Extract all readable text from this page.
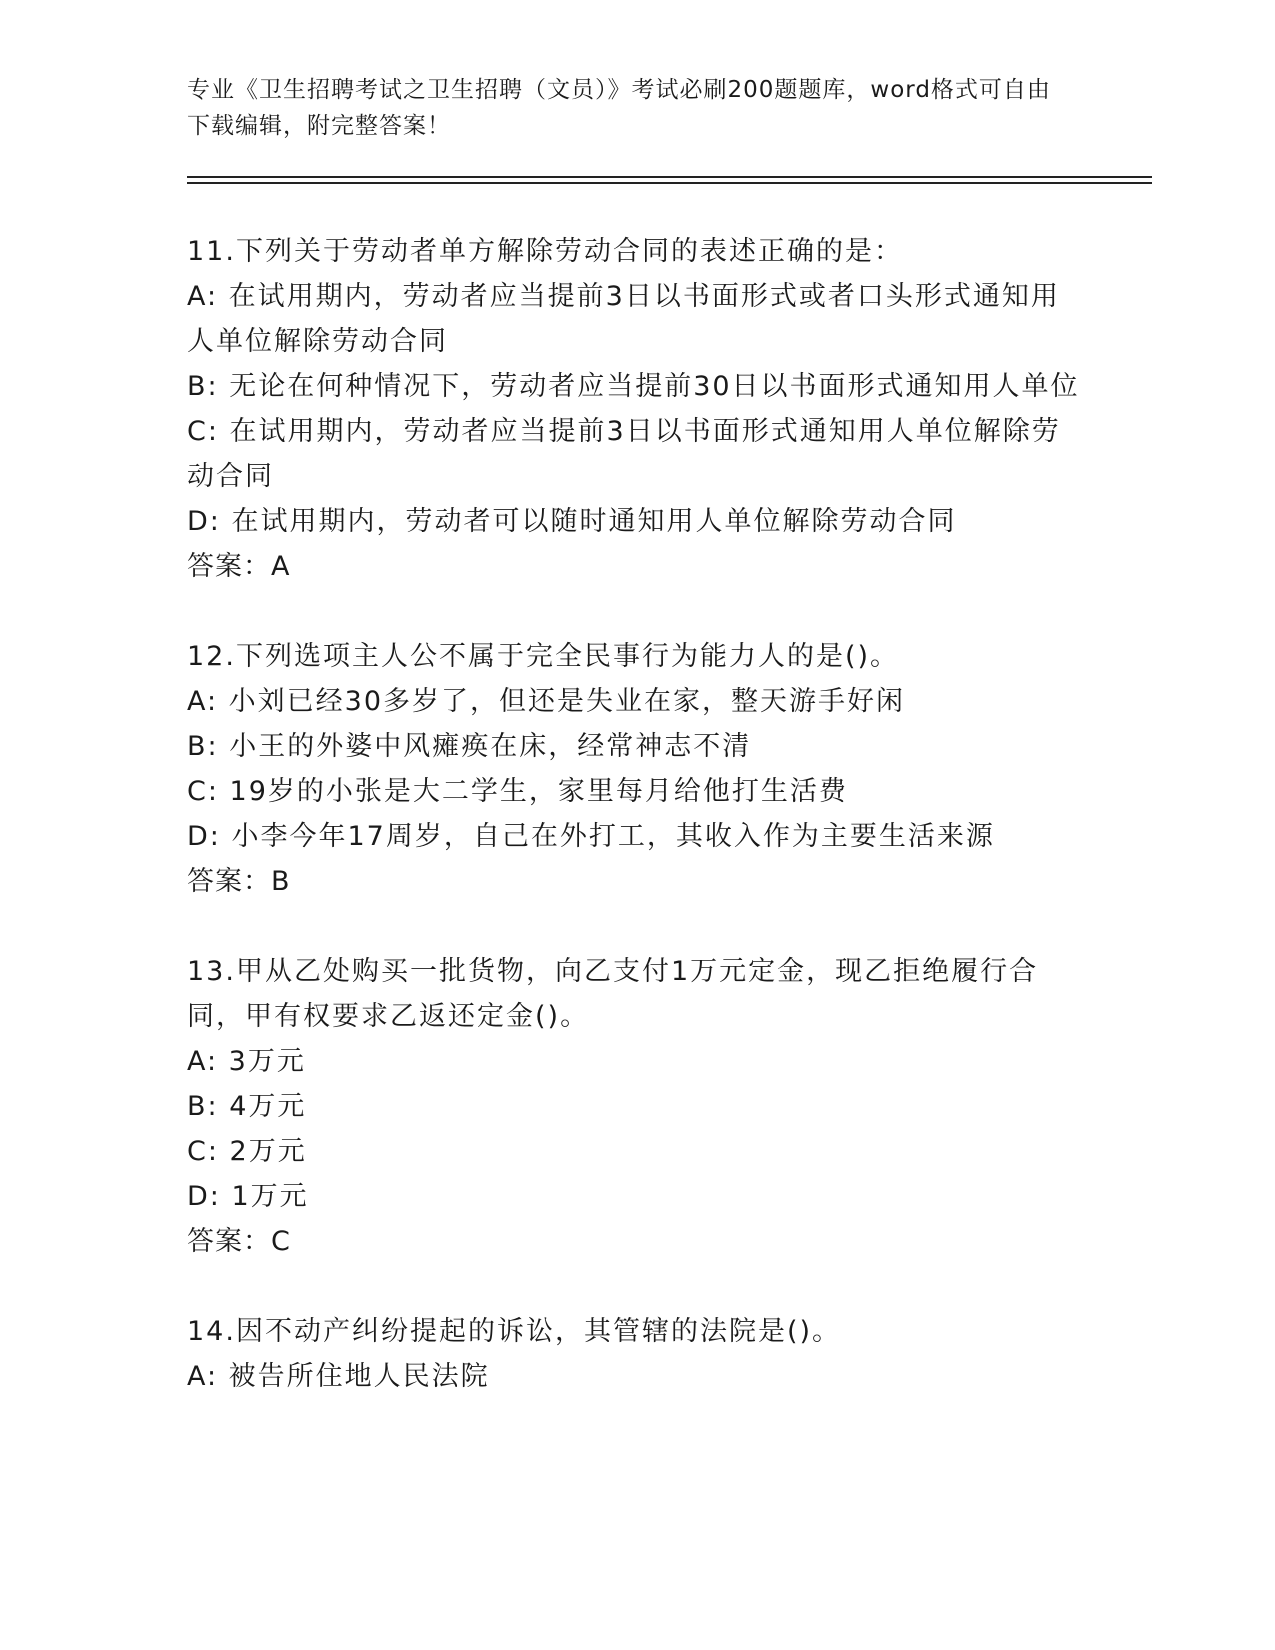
专业《卫生招聘考试之卫生招聘（文员）》考试必刷200题题库，word格式可自由下载编辑，附完整答案！
11.下列关于劳动者单方解除劳动合同的表述正确的是：
A: 在试用期内，劳动者应当提前3日以书面形式或者口头形式通知用人单位解除劳动合同
B: 无论在何种情况下，劳动者应当提前30日以书面形式通知用人单位
C: 在试用期内，劳动者应当提前3日以书面形式通知用人单位解除劳动合同
D: 在试用期内，劳动者可以随时通知用人单位解除劳动合同
答案：A
12.下列选项主人公不属于完全民事行为能力人的是()。
A: 小刘已经30多岁了，但还是失业在家，整天游手好闲
B: 小王的外婆中风瘫痪在床，经常神志不清
C: 19岁的小张是大二学生，家里每月给他打生活费
D: 小李今年17周岁，自己在外打工，其收入作为主要生活来源
答案：B
13.甲从乙处购买一批货物，向乙支付1万元定金，现乙拒绝履行合同，甲有权要求乙返还定金()。
A: 3万元
B: 4万元
C: 2万元
D: 1万元
答案：C
14.因不动产纠纷提起的诉讼，其管辖的法院是()。
A: 被告所住地人民法院
